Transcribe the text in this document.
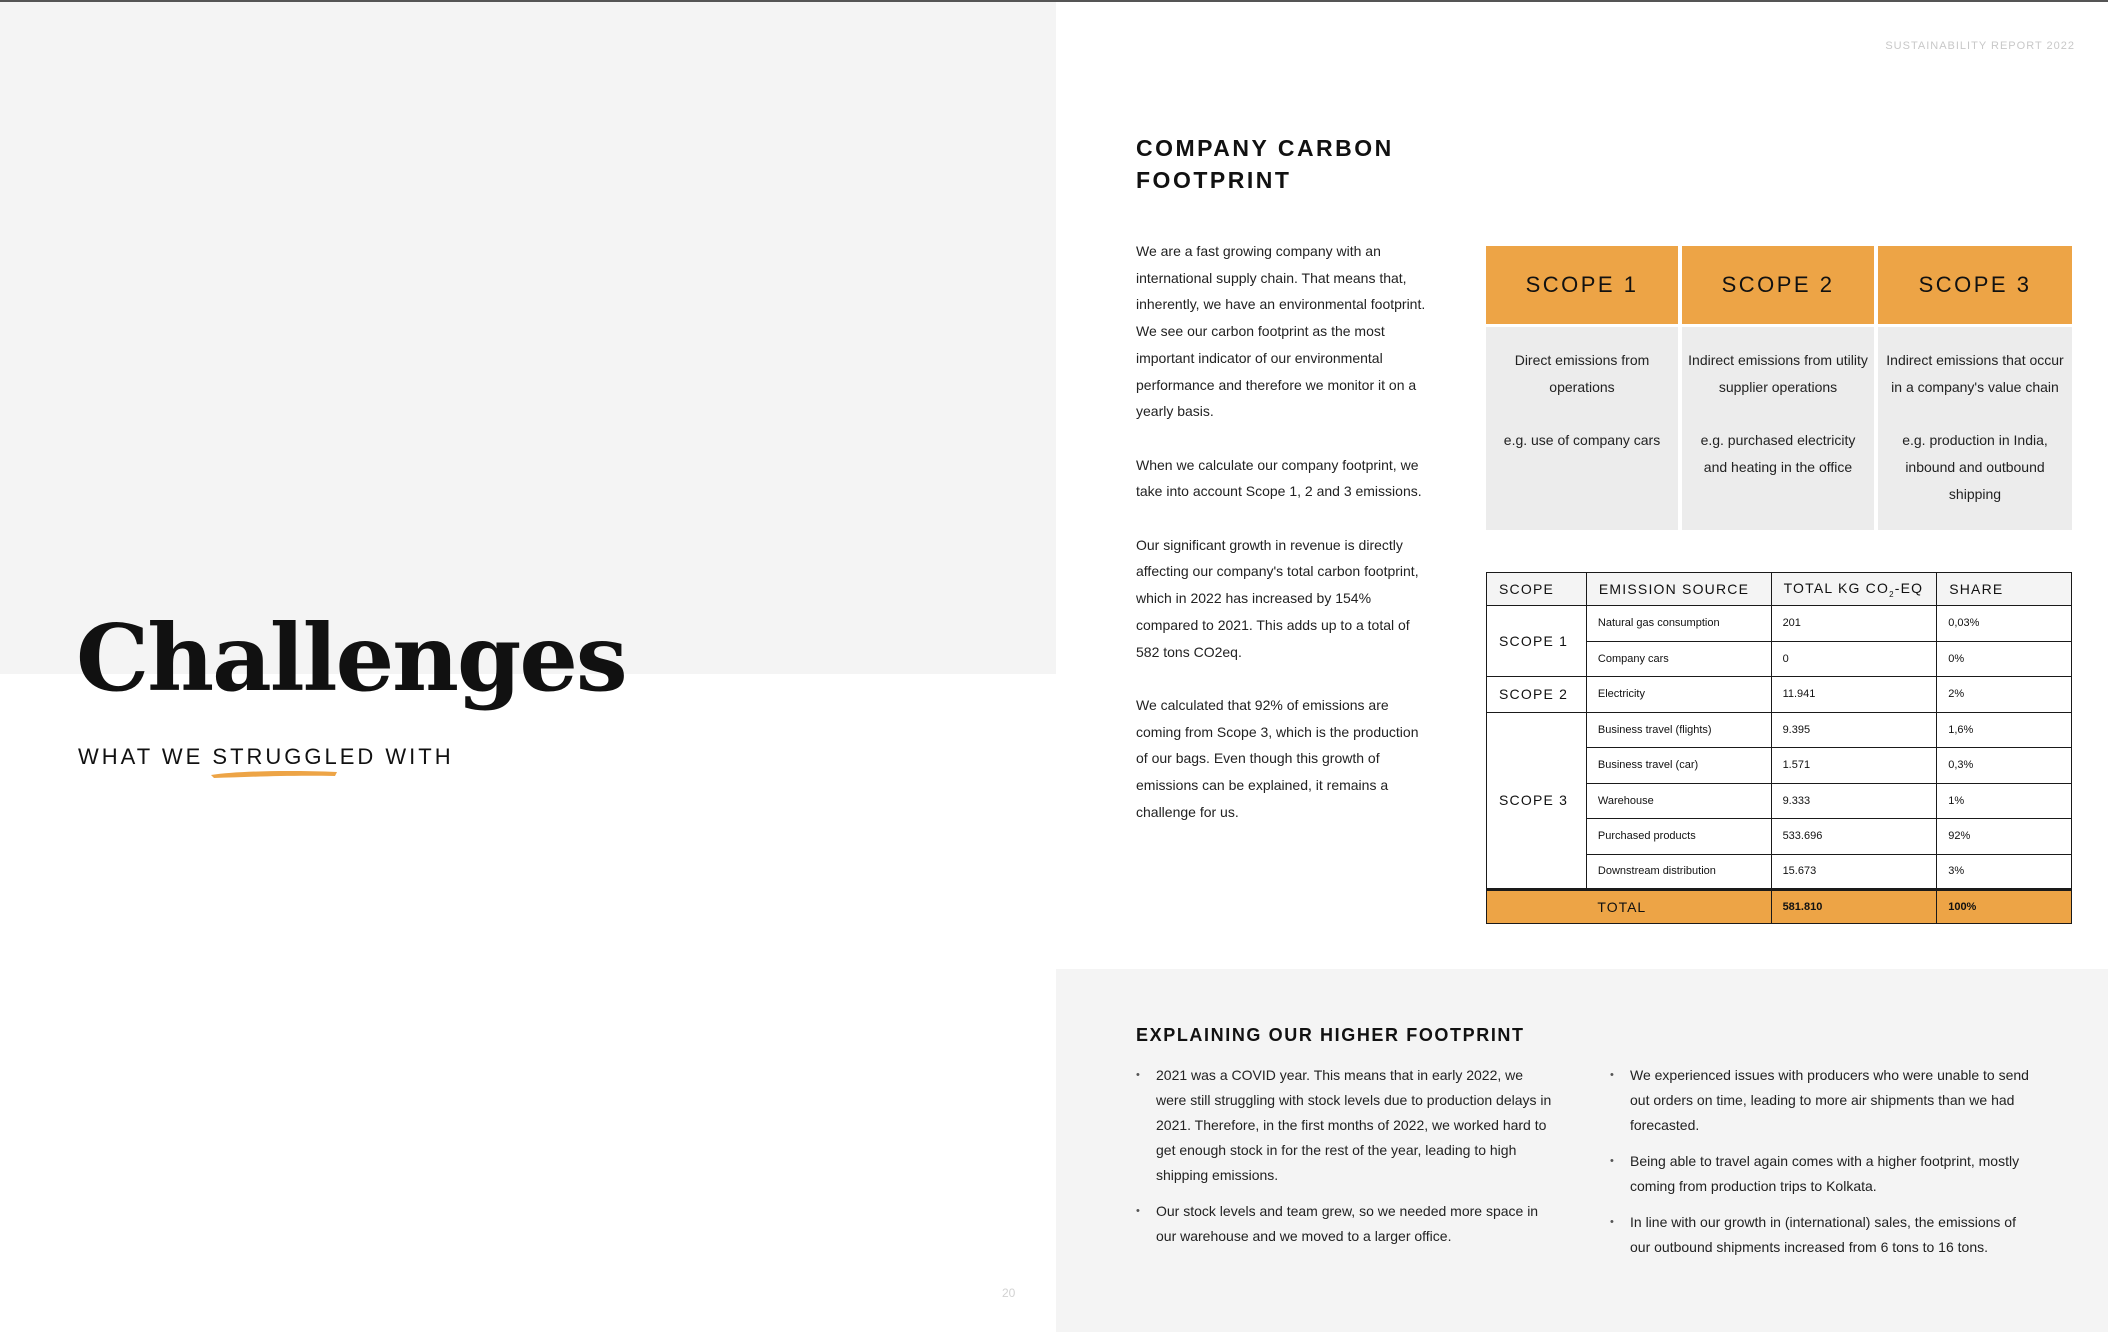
SUSTAINABILITY REPORT 2022
20
Challenges
WHAT WE STRUGGLED WITH
COMPANY CARBON FOOTPRINT

We are a fast growing company with an international supply chain. That means that, inherently, we have an environmental footprint. We see our carbon footprint as the most important indicator of our environmental performance and therefore we monitor it on a yearly basis.

When we calculate our company footprint, we take into account Scope 1, 2 and 3 emissions.

Our significant growth in revenue is directly affecting our company's total carbon footprint, which in 2022 has increased by 154% compared to 2021. This adds up to a total of 582 tons CO2eq.

We calculated that 92% of emissions are coming from Scope 3, which is the production of our bags. Even though this growth of emissions can be explained, it remains a challenge for us.

SCOPE 1
Direct emissions from operations
e.g. use of company cars
SCOPE 2
Indirect emissions from utility supplier operations
e.g. purchased electricity and heating in the office
SCOPE 3
Indirect emissions that occur in a company's value chain
e.g. production in India, inbound and outbound shipping
SCOPE	EMISSION SOURCE	TOTAL KG $CO_2-EQ$	SHARE
SCOPE 1	Natural gas consumption	201	0,03%
	Company cars	0	0%
SCOPE 2	Electricity	11.941	2%
SCOPE 3	Business travel (flights)	9.395	1,6%
	Business travel (car)	1.571	0,3%
	Warehouse	9.333	1%
	Purchased products	533.696	92%
	Downstream distribution	15.673	3%
	TOTAL	581.810	100%
EXPLAINING OUR HIGHER FOOTPRINT
• 2021 was a COVID year. This means that in early 2022, we were still struggling with stock levels due to production delays in 2021. Therefore, in the first months of 2022, we worked hard to get enough stock in for the rest of the year, leading to high shipping emissions.
• Our stock levels and team grew, so we needed more space in our warehouse and we moved to a larger office.
• We experienced issues with producers who were unable to send out orders on time, leading to more air shipments than we had forecasted.
• Being able to travel again comes with a higher footprint, mostly coming from production trips to Kolkata.
• In line with our growth in (international) sales, the emissions of our outbound shipments increased from 6 tons to 16 tons.
